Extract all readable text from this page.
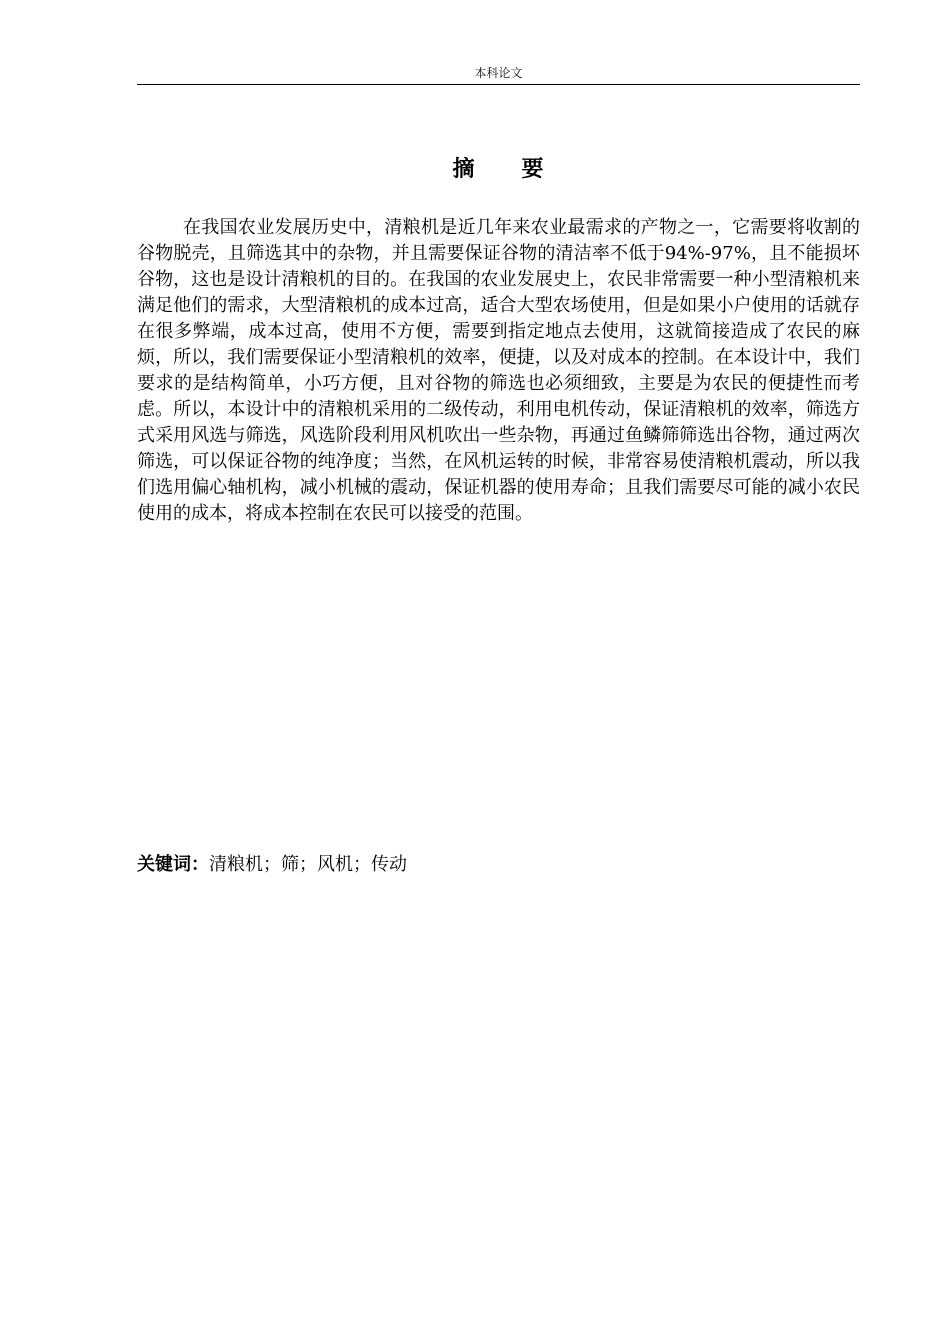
本科论文
摘 要

在我国农业发展历史中，清粮机是近几年来农业最需求的产物之一，它需要将收割的谷物脱壳，且筛选其中的杂物，并且需要保证谷物的清洁率不低于94%-97%，且不能损坏谷物，这也是设计清粮机的目的。在我国的农业发展史上，农民非常需要一种小型清粮机来满足他们的需求，大型清粮机的成本过高，适合大型农场使用，但是如果小户使用的话就存在很多弊端，成本过高，使用不方便，需要到指定地点去使用，这就简接造成了农民的麻烦，所以，我们需要保证小型清粮机的效率，便捷，以及对成本的控制。在本设计中，我们要求的是结构简单，小巧方便，且对谷物的筛选也必须细致，主要是为农民的便捷性而考虑。所以，本设计中的清粮机采用的二级传动，利用电机传动，保证清粮机的效率，筛选方式采用风选与筛选，风选阶段利用风机吹出一些杂物，再通过鱼鳞筛筛选出谷物，通过两次筛选，可以保证谷物的纯净度；当然，在风机运转的时候，非常容易使清粮机震动，所以我们选用偏心轴机构，减小机械的震动，保证机器的使用寿命；且我们需要尽可能的减小农民使用的成本，将成本控制在农民可以接受的范围。

关键词：清粮机；筛；风机；传动
